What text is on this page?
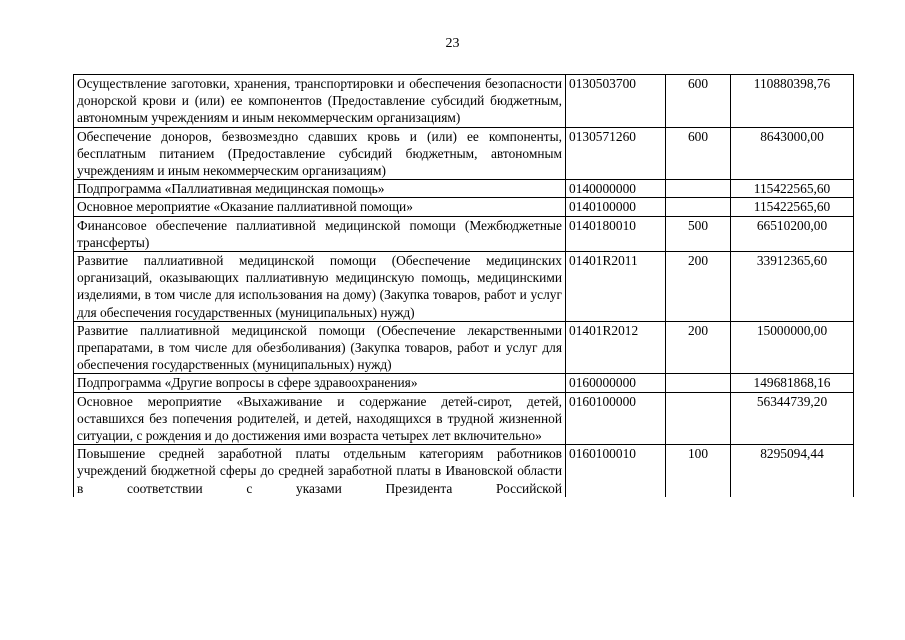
23
Осуществление заготовки, хранения, транспортировки и обеспечения безопасности донорской крови и (или) ее компонентов (Предоставление субсидий бюджетным, автономным учреждениям и иным некоммерческим организациям)	0130503700	600	110880398,76
Обеспечение доноров, безвозмездно сдавших кровь и (или) ее компоненты, бесплатным питанием (Предоставление субсидий бюджетным, автономным учреждениям и иным некоммерческим организациям)	0130571260	600	8643000,00
Подпрограмма «Паллиативная медицинская помощь»	0140000000		115422565,60
Основное мероприятие «Оказание паллиативной помощи»	0140100000		115422565,60
Финансовое обеспечение паллиативной медицинской помощи (Межбюджетные трансферты)	0140180010	500	66510200,00
Развитие паллиативной медицинской помощи (Обеспечение медицинских организаций, оказывающих паллиативную медицинскую помощь, медицинскими изделиями, в том числе для использования на дому) (Закупка товаров, работ и услуг для обеспечения государственных (муниципальных) нужд)	01401R2011	200	33912365,60
Развитие паллиативной медицинской помощи (Обеспечение лекарственными препаратами, в том числе для обезболивания) (Закупка товаров, работ и услуг для обеспечения государственных (муниципальных) нужд)	01401R2012	200	15000000,00
Подпрограмма «Другие вопросы в сфере здравоохранения»	0160000000		149681868,16
Основное мероприятие «Выхаживание и содержание детей-сирот, детей, оставшихся без попечения родителей, и детей, находящихся в трудной жизненной ситуации, с рождения и до достижения ими возраста четырех лет включительно»	0160100000		56344739,20
Повышение средней заработной платы отдельным категориям работников учреждений бюджетной сферы до средней заработной платы в Ивановской области в соответствии с указами Президента Российской	0160100010	100	8295094,44
